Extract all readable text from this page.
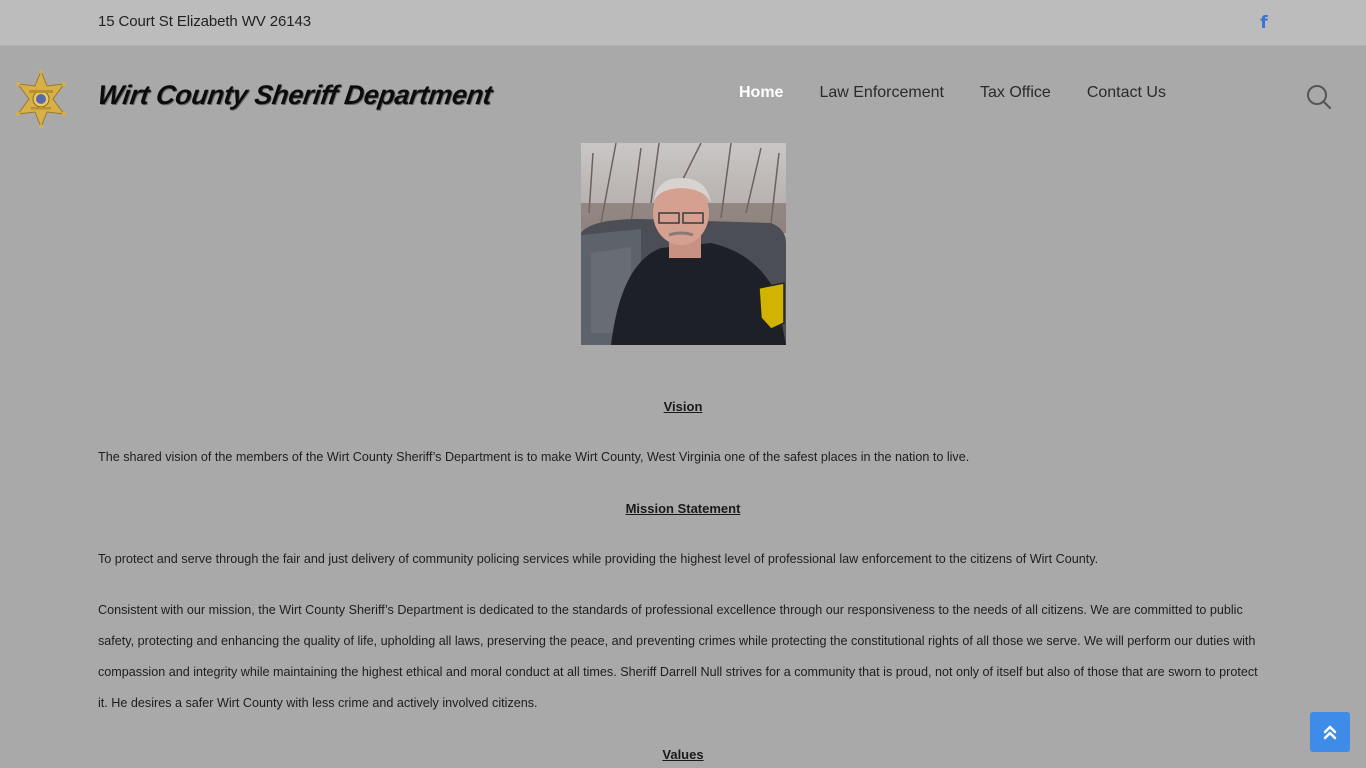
15 Court St Elizabeth WV 26143	f
Wirt County Sheriff Department	Home Law Enforcement Tax Office Contact Us
Vision

The shared vision of the members of the Wirt County Sheriff’s Department is to make Wirt County, West Virginia one of the safest places in the nation to live.

Mission Statement

To protect and serve through the fair and just delivery of community policing services while providing the highest level of professional law enforcement to the citizens of Wirt County.

Consistent with our mission, the Wirt County Sheriff’s Department is dedicated to the standards of professional excellence through our responsiveness to the needs of all citizens. We are committed to public safety, protecting and enhancing the quality of life, upholding all laws, preserving the peace, and preventing crimes while protecting the constitutional rights of all those we serve. We will perform our duties with compassion and integrity while maintaining the highest ethical and moral conduct at all times. Sheriff Darrell Null strives for a community that is proud, not only of itself but also of those that are sworn to protect it. He desires a safer Wirt County with less crime and actively involved citizens.

Values
